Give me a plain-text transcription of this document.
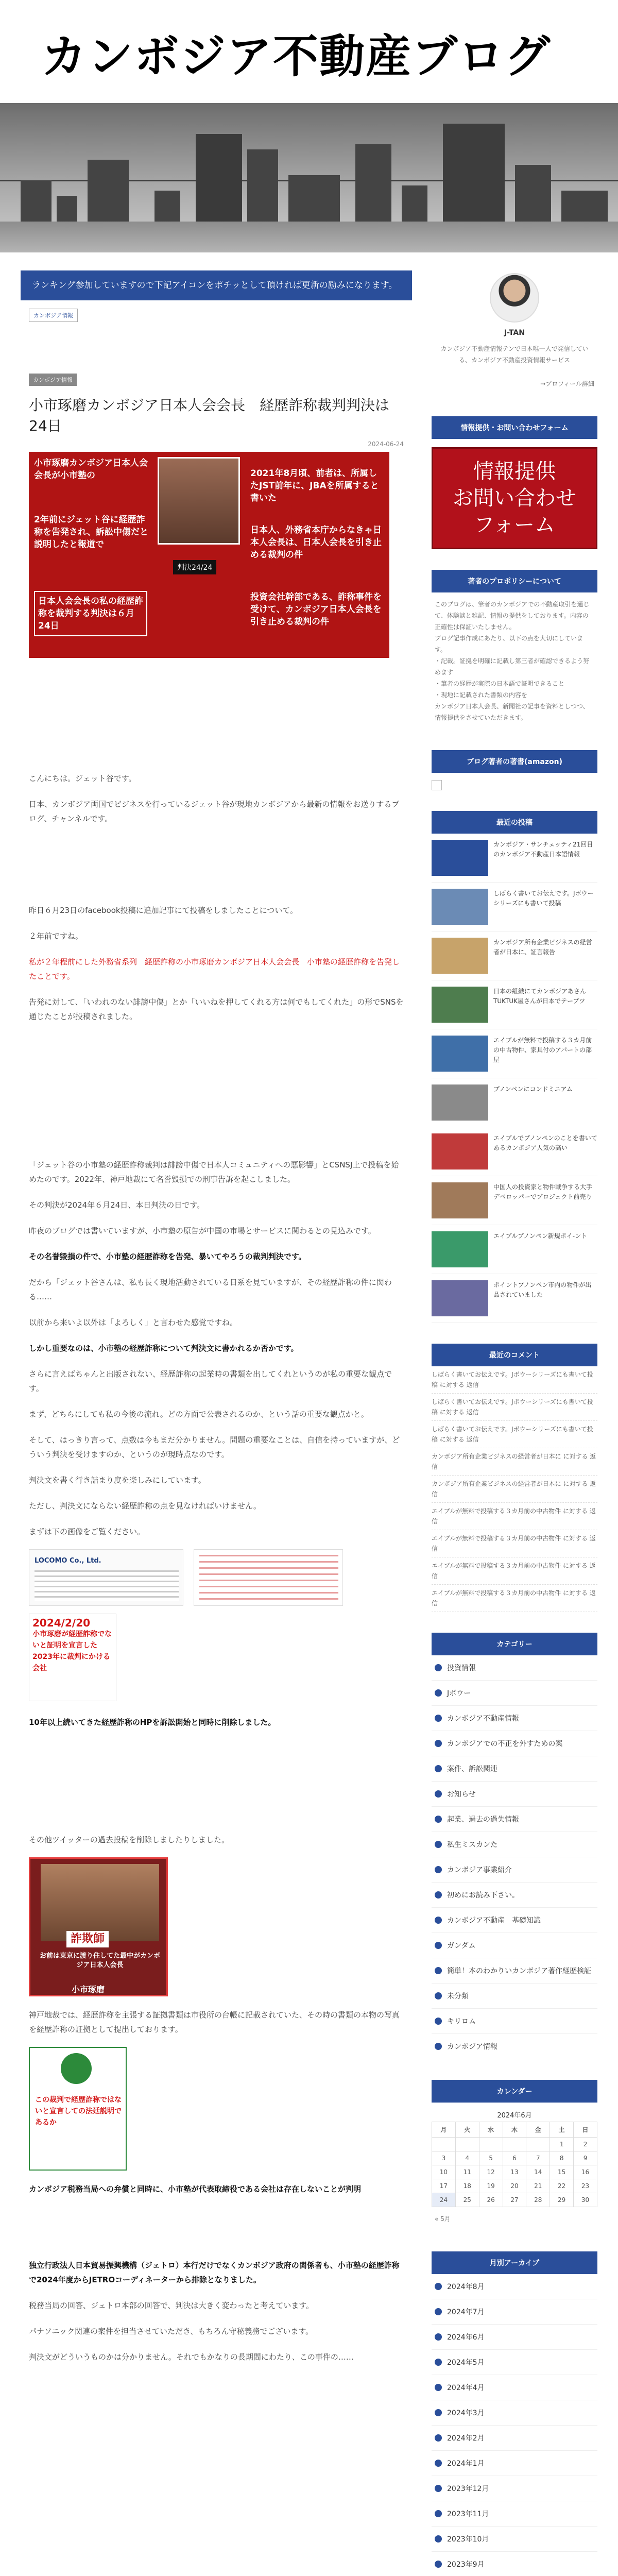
カンボジア不動産ブログ
ランキング参加していますので下記アイコンをポチッとして頂ければ更新の励みになります。
カンボジア情報
カンボジア情報
小市琢磨カンボジア日本人会会長　経歴詐称裁判判決は24日
2024-06-24
小市琢磨カンボジア日本人会会長が小市塾の
2年前にジェット谷に経歴詐称を告発され、訴訟中傷だと説明したと報道で
日本人会会長の私の経歴詐称を裁判する判決は６月24日
判決24/24
2021年8月頃、前者は、所属したJST前年に、JBAを所属すると書いた
日本人、外務省本庁からなきゃ日本人会長は、日本人会長を引き止める裁判の件
投資会社幹部である、詐称事件を受けて、カンボジア日本人会長を引き止める裁判の件

こんにちは。ジェット谷です。

日本、カンボジア両国でビジネスを行っているジェット谷が現地カンボジアから最新の情報をお送りするブログ、チャンネルです。

昨日６月23日のfacebook投稿に追加記事にて投稿をしましたことについて。

２年前ですね。

私が２年程前にした外務省系列　経歴詐称の小市琢磨カンボジア日本人会会長　小市塾の経歴詐称を告発したことです。

告発に対して、「いわれのない誹謗中傷」とか「いいねを押してくれる方は何でもしてくれた」の形でSNSを通じたことが投稿されました。

「ジェット谷の小市塾の経歴詐称裁判は誹謗中傷で日本人コミュニティへの悪影響」とCSNSJ上で投稿を始めたのです。2022年、神戸地裁にて名誉毀損での刑事告訴を起こしました。

その判決が2024年６月24日、本日判決の日です。

昨夜のブログでは書いていますが、小市塾の原告が中国の市場とサービスに関わるとの見込みです。

その名誉毀損の件で、小市塾の経歴詐称を告発、暴いてやろうの裁判判決です。

だから「ジェット谷さんは、私も長く現地活動されている日系を見ていますが、その経歴詐称の件に関わる……

以前から来いよ以外は「よろしく」と言わせた感覚ですね。

しかし重要なのは、小市塾の経歴詐称について判決文に書かれるか否かです。

さらに言えばちゃんと出版されない、経歴詐称の起業時の書類を出してくれというのが私の重要な観点です。

まず、どちらにしても私の今後の流れ。どの方面で公表されるのか、という話の重要な観点かと。

そして、はっきり言って、点数は今もまだ分かりません。問題の重要なことは、自信を持っていますが、どういう判決を受けますのか、というのが現時点なのです。

判決文を書く行き詰まり度を楽しみにしています。

ただし、判決文にならない経歴詐称の点を見なければいけません。

まずは下の画像をご覧ください。

LOCOMO Co., Ltd.
2024/2/20
小市琢磨が経歴詐称でないと証明を宣言した
2023年に裁判にかける会社

10年以上続いてきた経歴詐称のHPを訴訟開始と同時に削除しました。

その他ツイッターの過去投稿を削除しましたりしました。

詐欺師
お前は東京に渡り住してた最中がカンボジア日本人会長
小市琢磨

神戸地裁では、経歴詐称を主張する証拠書類は市役所の台帳に記載されていた、その時の書類の本物の写真を経歴詐称の証拠として提出しております。

この裁判で経歴詐称ではないと宣言しての法廷説明であるか

カンボジア税務当局への弁償と同時に、小市塾が代表取締役である会社は存在しないことが判明

独立行政法人日本貿易振興機構（ジェトロ）本行だけでなくカンボジア政府の関係者も、小市塾の経歴詐称で2024年度からJETROコーディネーターから排除となりました。

税務当局の回答、ジェトロ本部の回答で、判決は大きく変わったと考えています。

パナソニック関連の案件を担当させていただき、もちろん守秘義務でございます。

判決文がどういうものかは分かりません。それでもかなりの長期間にわたり、この事件の……

J-TAN
カンボジア不動産情報テンで日本唯一人で発信している、カンボジア不動産投資情報サービス
→プロフィール詳細
情報提供・お問い合わせフォーム
情報提供
お問い合わせ
フォーム
著者のプロポリシーについて
このブログは、筆者のカンボジアでの不動産取引を通じて、体験談と雑記、情報の提供をしております。内容の正確性は保証いたしません。
ブログ記事作成にあたり、以下の点を大切にしています。
・記載。証拠を明確に記載し第三者が確認できるよう努めます
・筆者の経歴が実際の日本語で証明できること
・現地に記載された書類の内容を
カンボジア日本人会長、新聞社の記事を資料としつつ、情報提供をさせていただきます。
ブログ著者の著書(amazon)
最近の投稿
カンボジア・サンチェッティ21回目のカンボジア不動産日本語情報
しばらく書いてお伝えです。Jボウーシリーズにも書いて投稿
カンボジア所有企業ビジネスの経営者が日本に、証言報告
日本の組織にてカンボジアあさんTUKTUK屋さんが日本でテープツ
エイブルが無料で投稿する３カ月前の中古物件、家具付のアパートの部屋
プノンペンにコンドミニアム
エイブルでプノンペンのことを書いてあるカンボジア人気の高い
中国人の投資家と物件戦争する大手デベロッパーでプロジェクト前売り
エイブルプノンペン新規ポイ-ント
ポイントプノンペン市内の物件が出品されていました
最近のコメント
しばらく書いてお伝えです。Jボウーシリーズにも書いて投稿 に対する 返信
しばらく書いてお伝えです。Jボウーシリーズにも書いて投稿 に対する 返信
しばらく書いてお伝えです。Jボウーシリーズにも書いて投稿 に対する 返信
カンボジア所有企業ビジネスの経営者が日本に に対する 返信
カンボジア所有企業ビジネスの経営者が日本に に対する 返信
エイブルが無料で投稿する３カ月前の中古物件 に対する 返信
エイブルが無料で投稿する３カ月前の中古物件 に対する 返信
エイブルが無料で投稿する３カ月前の中古物件 に対する 返信
エイブルが無料で投稿する３カ月前の中古物件 に対する 返信
カテゴリー
投資情報
Jボウー
カンボジア不動産情報
カンボジアでの不正を外すための案
案件、訴訟関連
お知らせ
起業、過去の過失情報
私生ミスカンた
カンボジア事業紹介
初めにお読み下さい。
カンボジア不動産　基礎知識
ガンダム
簡単！本のわかりいカンボジア著作経歴検証
未分類
キリロム
カンボジア情報
カレンダー
2024年6月
月	火	水	木	金	土	日
					1	2
3	4	5	6	7	8	9
10	11	12	13	14	15	16
17	18	19	20	21	22	23
24	25	26	27	28	29	30
« 5月
月別アーカイブ
2024年8月
2024年7月
2024年6月
2024年5月
2024年4月
2024年3月
2024年2月
2024年1月
2023年12月
2023年11月
2023年10月
2023年9月
